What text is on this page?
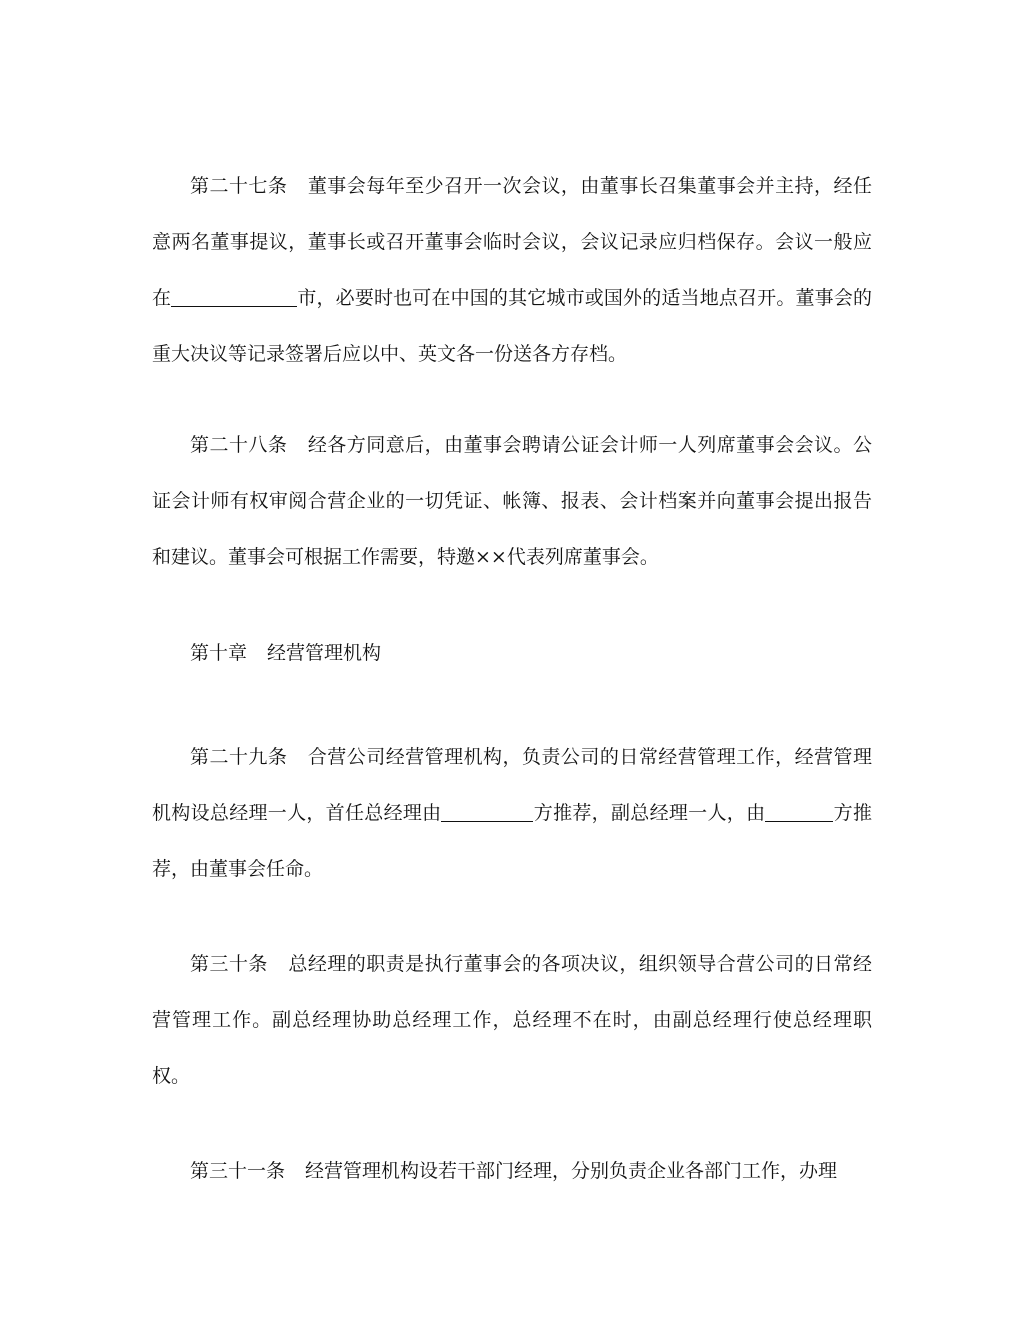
第二十七条 董事会每年至少召开一次会议，由董事长召集董事会并主持，经任意两名董事提议，董事长或召开董事会临时会议，会议记录应归档保存。会议一般应在	市，必要时也可在中国的其它城市或国外的适当地点召开。董事会的重大决议等记录签署后应以中、英文各一份送各方存档。
第二十八条 经各方同意后，由董事会聘请公证会计师一人列席董事会会议。公证会计师有权审阅合营企业的一切凭证、帐簿、报表、会计档案并向董事会提出报告和建议。董事会可根据工作需要，特邀××代表列席董事会。
第十章 经营管理机构
第二十九条 合营公司经营管理机构，负责公司的日常经营管理工作，经营管理机构设总经理一人，首任总经理由	方推荐，副总经理一人，由	方推荐，由董事会任命。
第三十条 总经理的职责是执行董事会的各项决议，组织领导合营公司的日常经营管理工作。副总经理协助总经理工作，总经理不在时，由副总经理行使总经理职权。
第三十一条 经营管理机构设若干部门经理，分别负责企业各部门工作，办理
